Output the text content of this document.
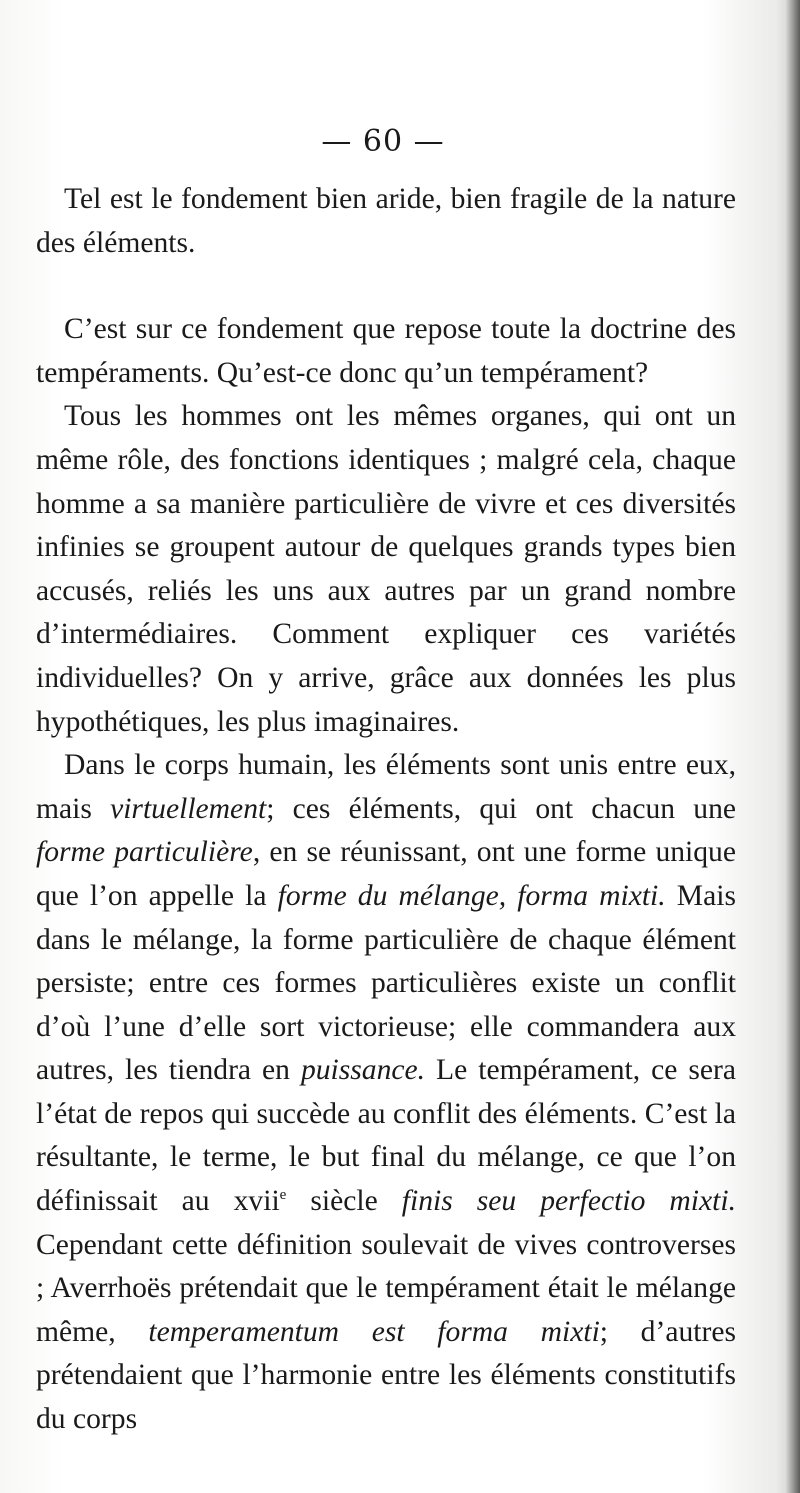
— 60 —

Tel est le fondement bien aride, bien fragile de la nature des éléments.

C’est sur ce fondement que repose toute la doctrine des tempéraments. Qu’est-ce donc qu’un tempérament?

Tous les hommes ont les mêmes organes, qui ont un même rôle, des fonctions identiques ; malgré cela, chaque homme a sa manière particulière de vivre et ces diversités infinies se groupent autour de quelques grands types bien accusés, reliés les uns aux autres par un grand nombre d’intermédiaires. Comment expliquer ces variétés individuelles? On y arrive, grâce aux données les plus hypothétiques, les plus imaginaires.

Dans le corps humain, les éléments sont unis entre eux, mais virtuellement; ces éléments, qui ont chacun une forme particulière, en se réunissant, ont une forme unique que l’on appelle la forme du mélange, forma mixti. Mais dans le mélange, la forme particulière de chaque élément persiste; entre ces formes particulières existe un conflit d’où l’une d’elle sort victorieuse; elle commandera aux autres, les tiendra en puissance. Le tempérament, ce sera l’état de repos qui succède au conflit des éléments. C’est la résultante, le terme, le but final du mélange, ce que l’on définissait au xvii$^e$ siècle finis seu perfectio mixti. Cependant cette définition soulevait de vives controverses ; Averrhoës prétendait que le tempérament était le mélange même, temperamentum est forma mixti; d’autres prétendaient que l’harmonie entre les éléments constitutifs du corps
